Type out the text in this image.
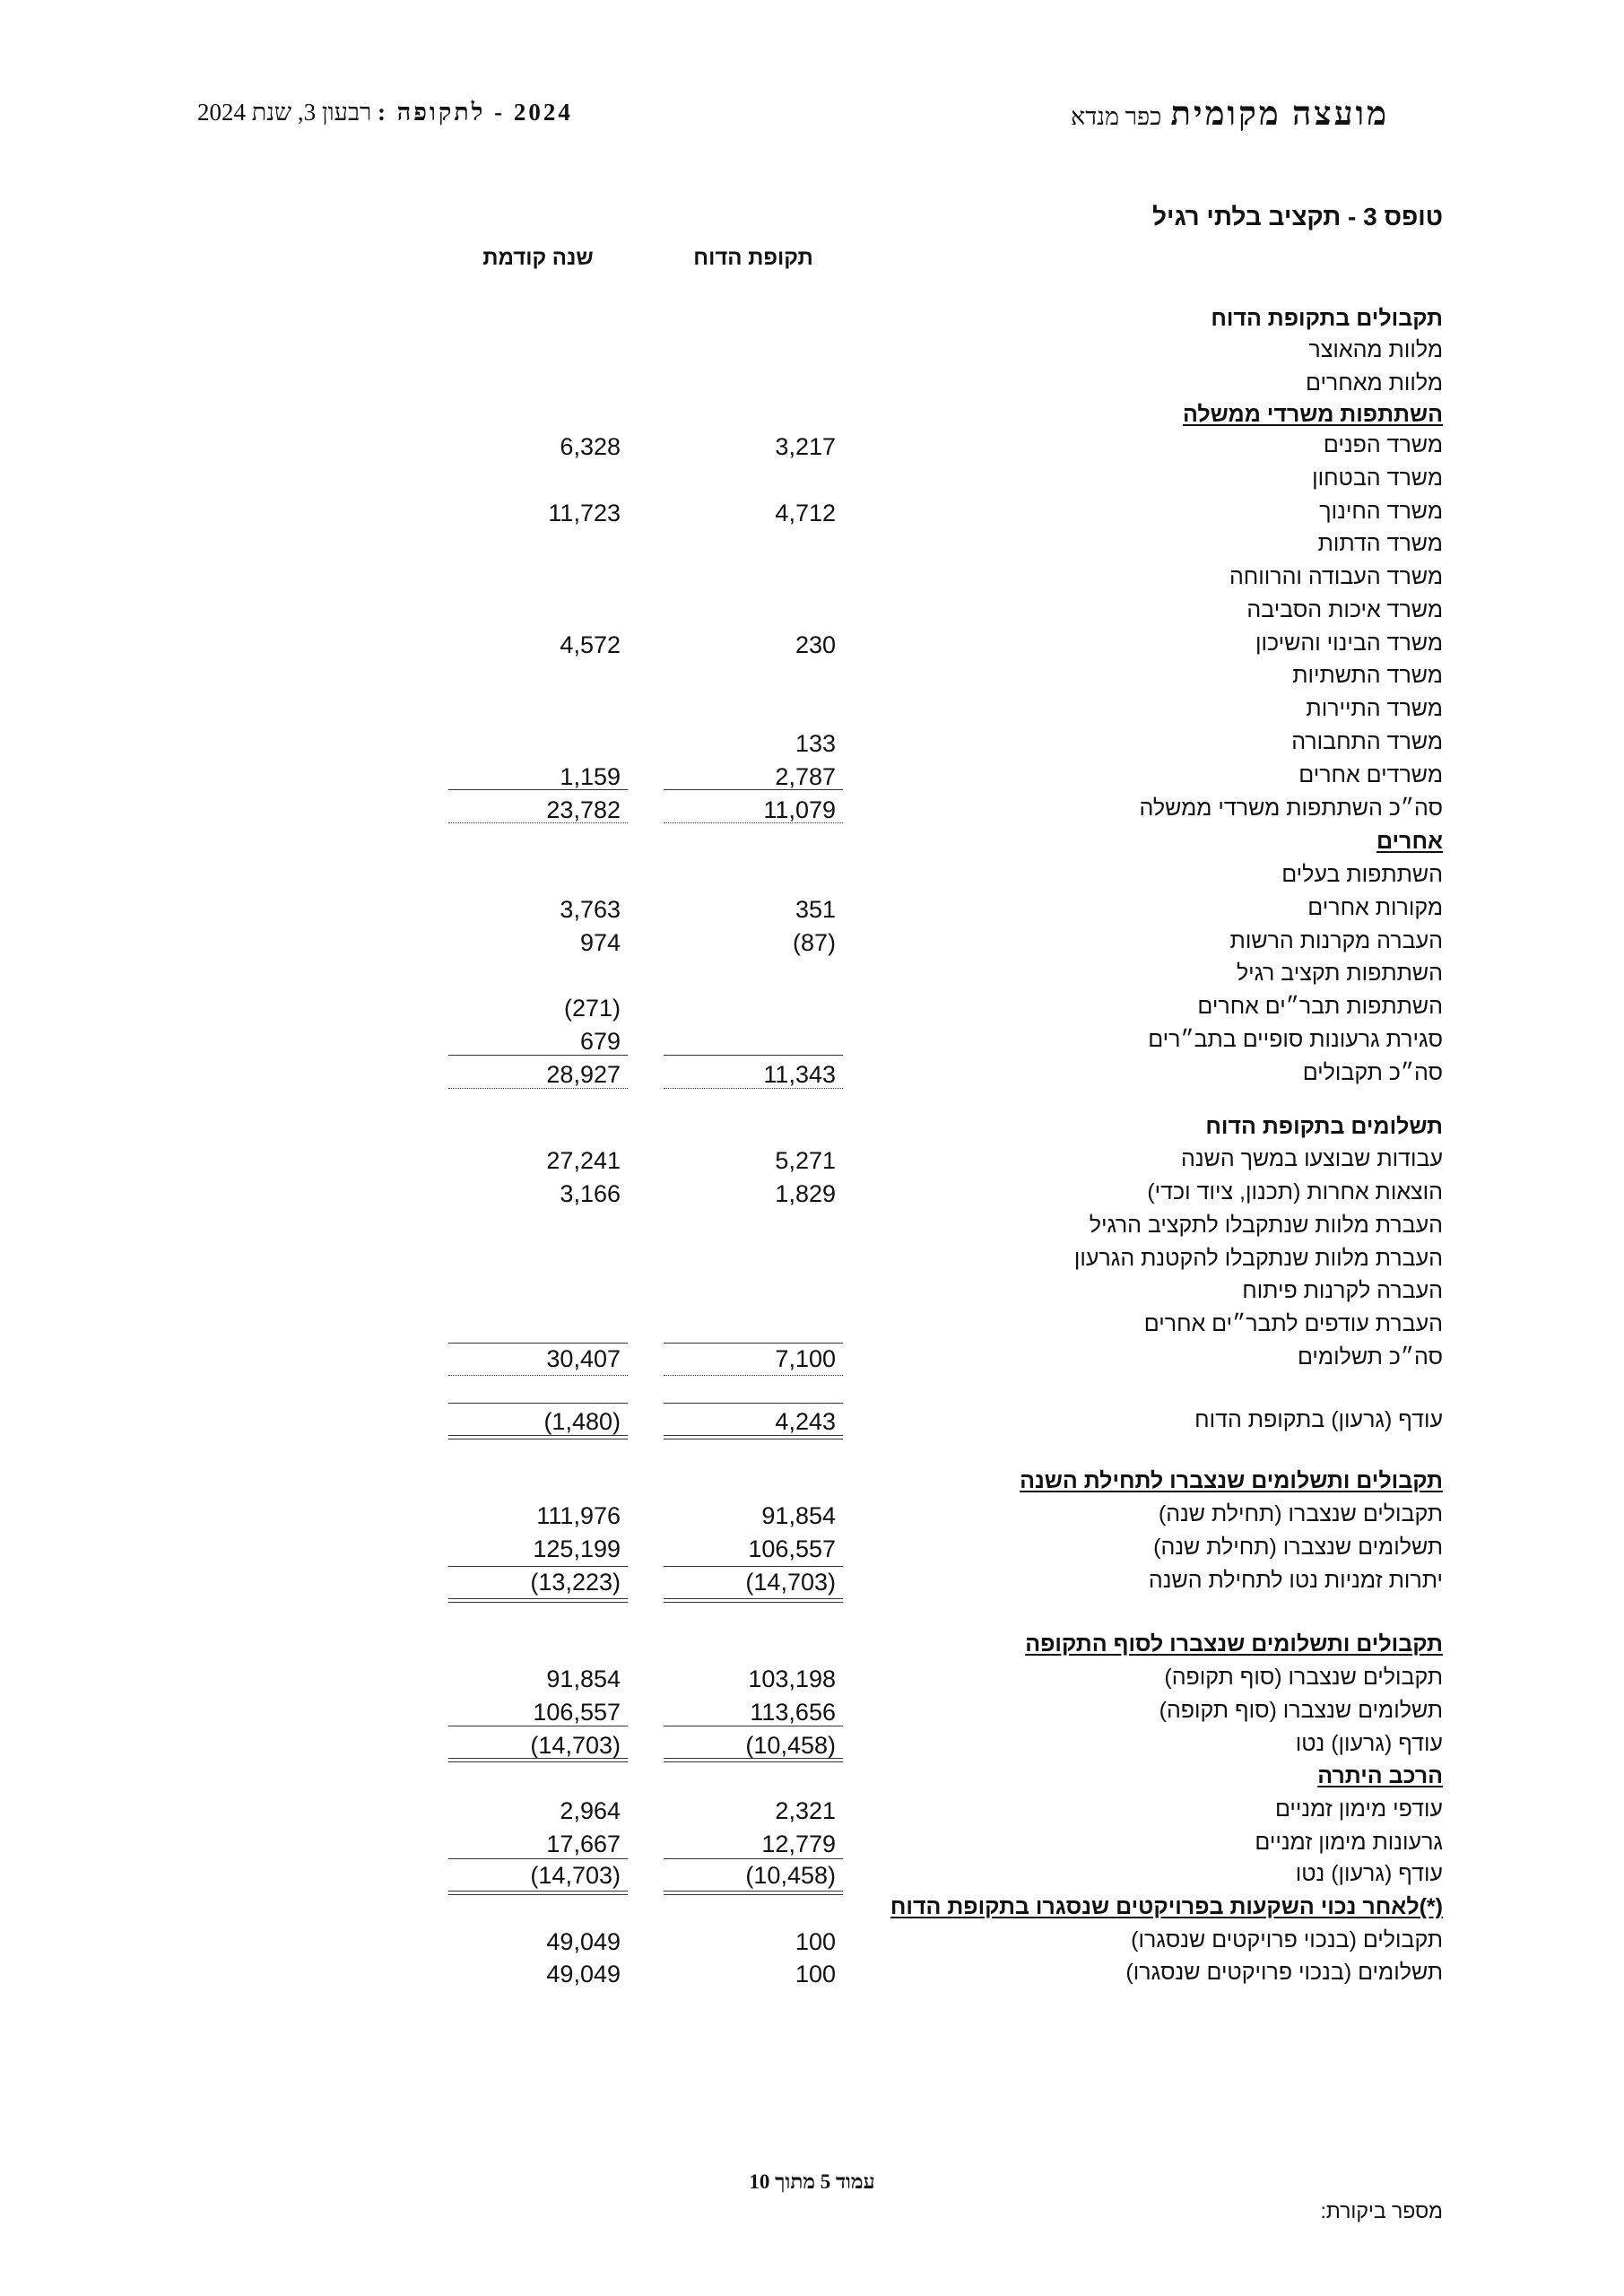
מועצה מקומית כפר מנדא
2024 - לתקופה : רבעון 3, שנת 2024
טופס 3 - תקציב בלתי רגיל
תקופת הדוח
שנה קודמת
תקבולים בתקופת הדוח
מלוות מהאוצר
מלוות מאחרים
השתתפות משרדי ממשלה
משרד הפנים
3,217
6,328
משרד הבטחון
משרד החינוך
4,712
11,723
משרד הדתות
משרד העבודה והרווחה
משרד איכות הסביבה
משרד הבינוי והשיכון
230
4,572
משרד התשתיות
משרד התיירות
משרד התחבורה
133
משרדים אחרים
2,787
1,159
סה״כ השתתפות משרדי ממשלה
11,079
23,782
אחרים
השתתפות בעלים
מקורות אחרים
351
3,763
העברה מקרנות הרשות
(87)
974
השתתפות תקציב רגיל
השתתפות תבר״ים אחרים
(271)
סגירת גרעונות סופיים בתב״רים
679
סה״כ תקבולים
11,343
28,927
תשלומים בתקופת הדוח
עבודות שבוצעו במשך השנה
5,271
27,241
הוצאות אחרות (תכנון, ציוד וכדי)
1,829
3,166
העברת מלוות שנתקבלו לתקציב הרגיל
העברת מלוות שנתקבלו להקטנת הגרעון
העברה לקרנות פיתוח
העברת עודפים לתבר״ים אחרים
סה״כ תשלומים
7,100
30,407
עודף (גרעון) בתקופת הדוח
4,243
(1,480)
תקבולים ותשלומים שנצברו לתחילת השנה
תקבולים שנצברו (תחילת שנה)
91,854
111,976
תשלומים שנצברו (תחילת שנה)
106,557
125,199
יתרות זמניות נטו לתחילת השנה
(14,703)
(13,223)
תקבולים ותשלומים שנצברו לסוף התקופה
תקבולים שנצברו (סוף תקופה)
103,198
91,854
תשלומים שנצברו (סוף תקופה)
113,656
106,557
עודף (גרעון) נטו
(10,458)
(14,703)
הרכב היתרה
עודפי מימון זמניים
2,321
2,964
גרעונות מימון זמניים
12,779
17,667
עודף (גרעון) נטו
(10,458)
(14,703)
(*)לאחר נכוי השקעות בפרויקטים שנסגרו בתקופת הדוח
תקבולים (בנכוי פרויקטים שנסגרו)
100
49,049
תשלומים (בנכוי פרויקטים שנסגרו)
100
49,049
עמוד 5 מתוך 10
מספר ביקורת:
